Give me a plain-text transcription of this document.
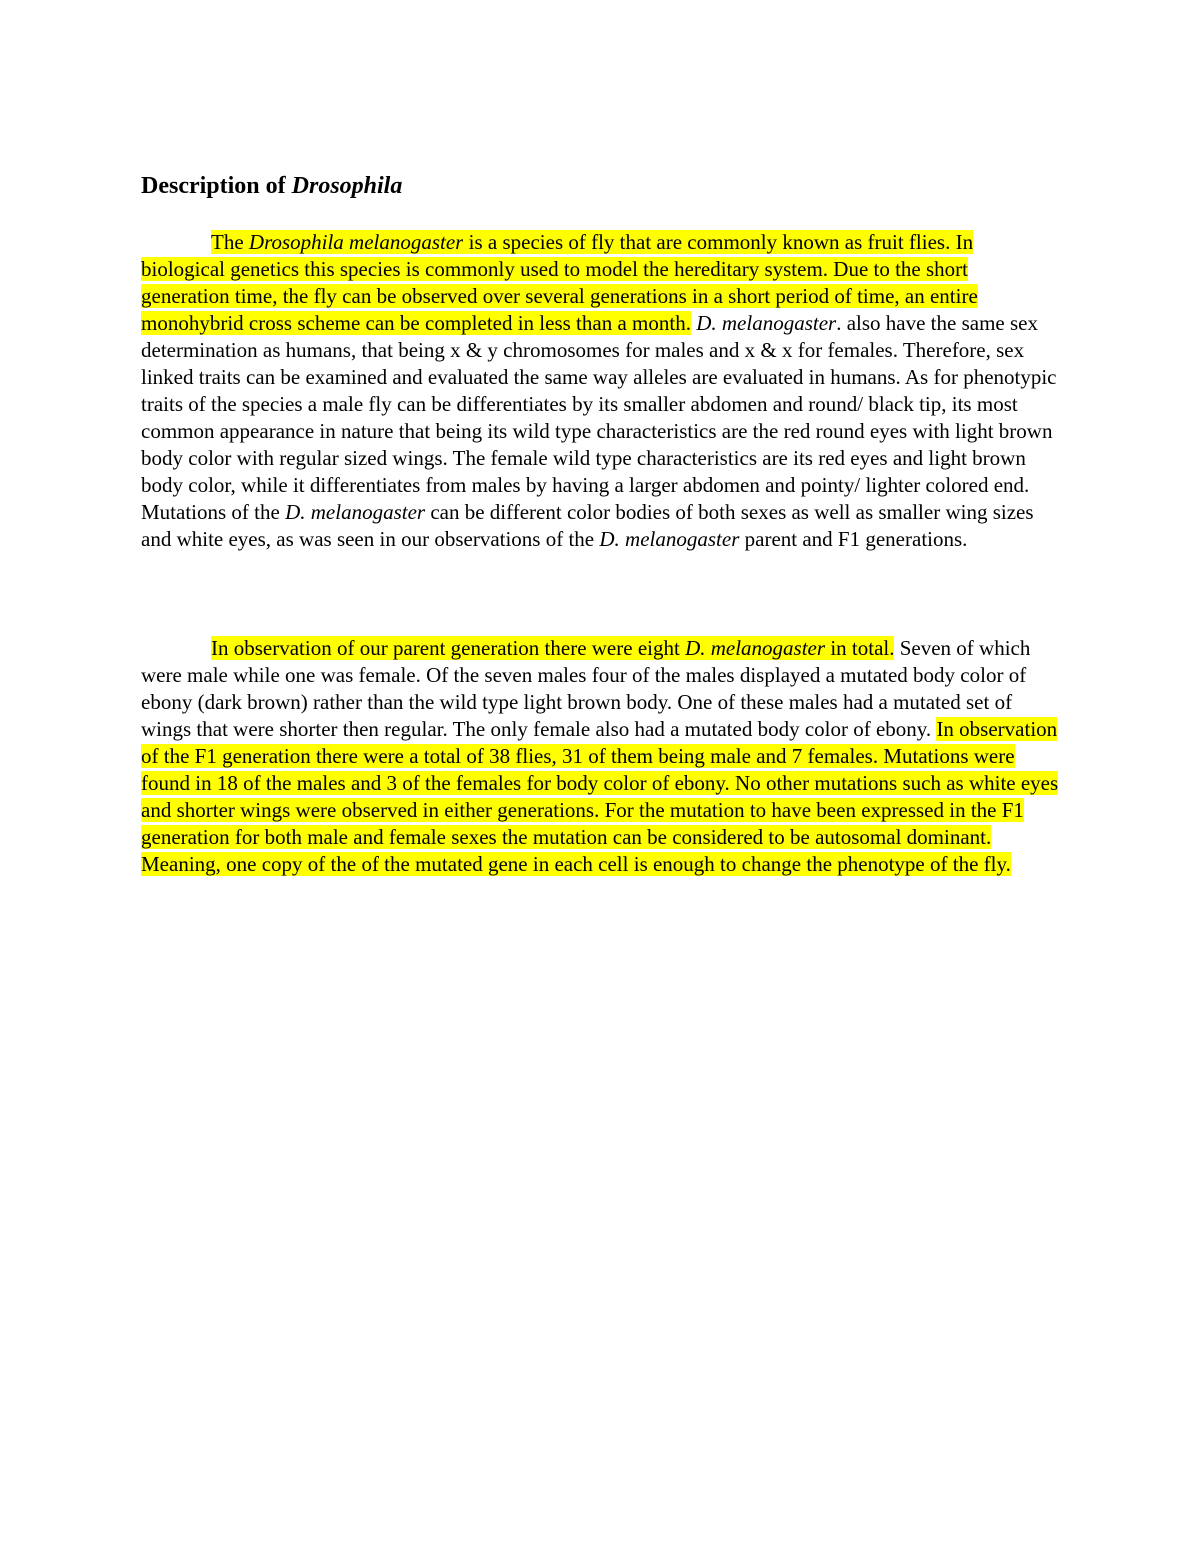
Description of Drosophila

The Drosophila melanogaster is a species of fly that are commonly known as fruit flies. In biological genetics this species is commonly used to model the hereditary system. Due to the short generation time, the fly can be observed over several generations in a short period of time, an entire monohybrid cross scheme can be completed in less than a month. D. melanogaster. also have the same sex determination as humans, that being x & y chromosomes for males and x & x for females. Therefore, sex linked traits can be examined and evaluated the same way alleles are evaluated in humans. As for phenotypic traits of the species a male fly can be differentiates by its smaller abdomen and round/ black tip, its most common appearance in nature that being its wild type characteristics are the red round eyes with light brown body color with regular sized wings. The female wild type characteristics are its red eyes and light brown body color, while it differentiates from males by having a larger abdomen and pointy/ lighter colored end. Mutations of the D. melanogaster can be different color bodies of both sexes as well as smaller wing sizes and white eyes, as was seen in our observations of the D. melanogaster parent and F1 generations.

In observation of our parent generation there were eight D. melanogaster in total. Seven of which were male while one was female. Of the seven males four of the males displayed a mutated body color of ebony (dark brown) rather than the wild type light brown body. One of these males had a mutated set of wings that were shorter then regular. The only female also had a mutated body color of ebony. In observation of the F1 generation there were a total of 38 flies, 31 of them being male and 7 females. Mutations were found in 18 of the males and 3 of the females for body color of ebony. No other mutations such as white eyes and shorter wings were observed in either generations. For the mutation to have been expressed in the F1 generation for both male and female sexes the mutation can be considered to be autosomal dominant. Meaning, one copy of the of the mutated gene in each cell is enough to change the phenotype of the fly.
